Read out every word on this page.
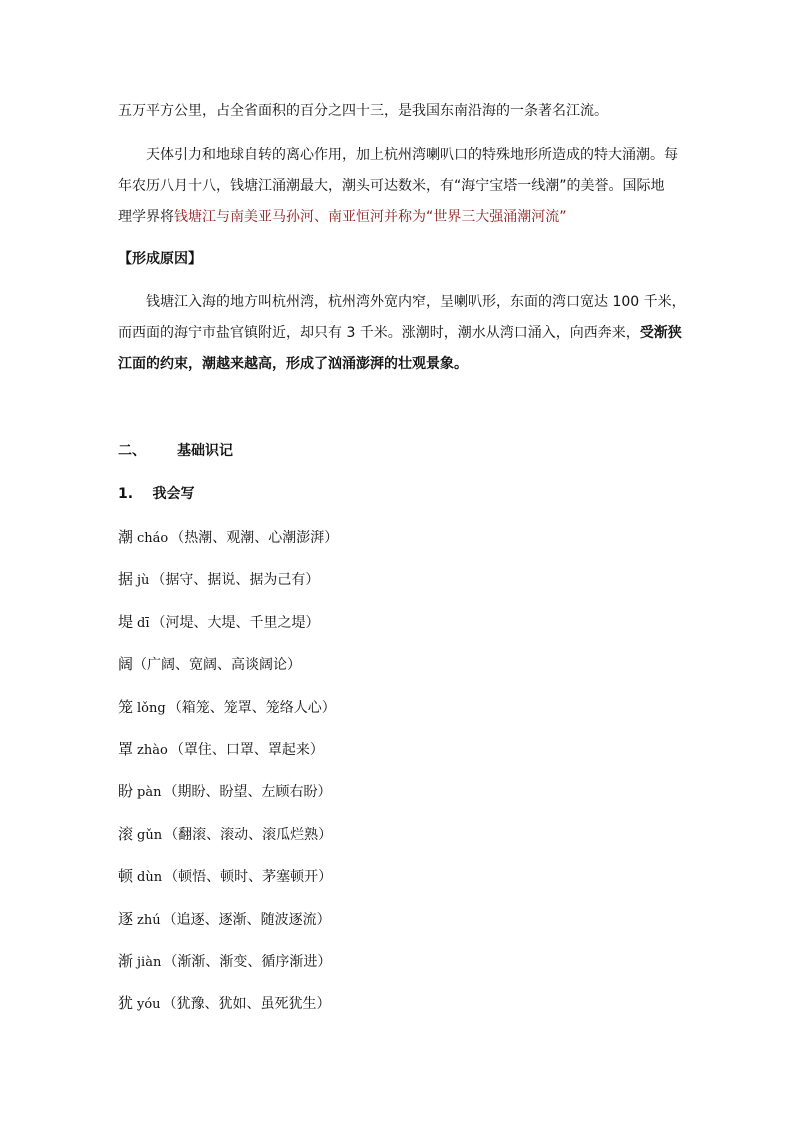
五万平方公里，占全省面积的百分之四十三，是我国东南沿海的一条著名江流。
天体引力和地球自转的离心作用，加上杭州湾喇叭口的特殊地形所造成的特大涌潮。每
年农历八月十八，钱塘江涌潮最大，潮头可达数米，有“海宁宝塔一线潮”的美誉。国际地
理学界将钱塘江与南美亚马孙河、南亚恒河并称为“世界三大强涌潮河流”
【形成原因】
钱塘江入海的地方叫杭州湾，杭州湾外宽内窄，呈喇叭形，东面的湾口宽达 100 千米，
而西面的海宁市盐官镇附近，却只有 3 千米。涨潮时，潮水从湾口涌入，向西奔来，受渐狭
江面的约束，潮越来越高，形成了汹涌澎湃的壮观景象。
二、 基础识记
1.    我会写
潮 cháo （热潮、观潮、心潮澎湃）
据 jù （据守、据说、据为己有）
堤 dī （河堤、大堤、千里之堤）
阔（广阔、宽阔、高谈阔论）
笼 lǒng （箱笼、笼罩、笼络人心）
罩 zhào （罩住、口罩、罩起来）
盼 pàn （期盼、盼望、左顾右盼）
滚 gǔn （翻滚、滚动、滚瓜烂熟）
顿 dùn （顿悟、顿时、茅塞顿开）
逐 zhú （追逐、逐渐、随波逐流）
渐 jiàn （渐渐、渐变、循序渐进）
犹 yóu （犹豫、犹如、虽死犹生）
